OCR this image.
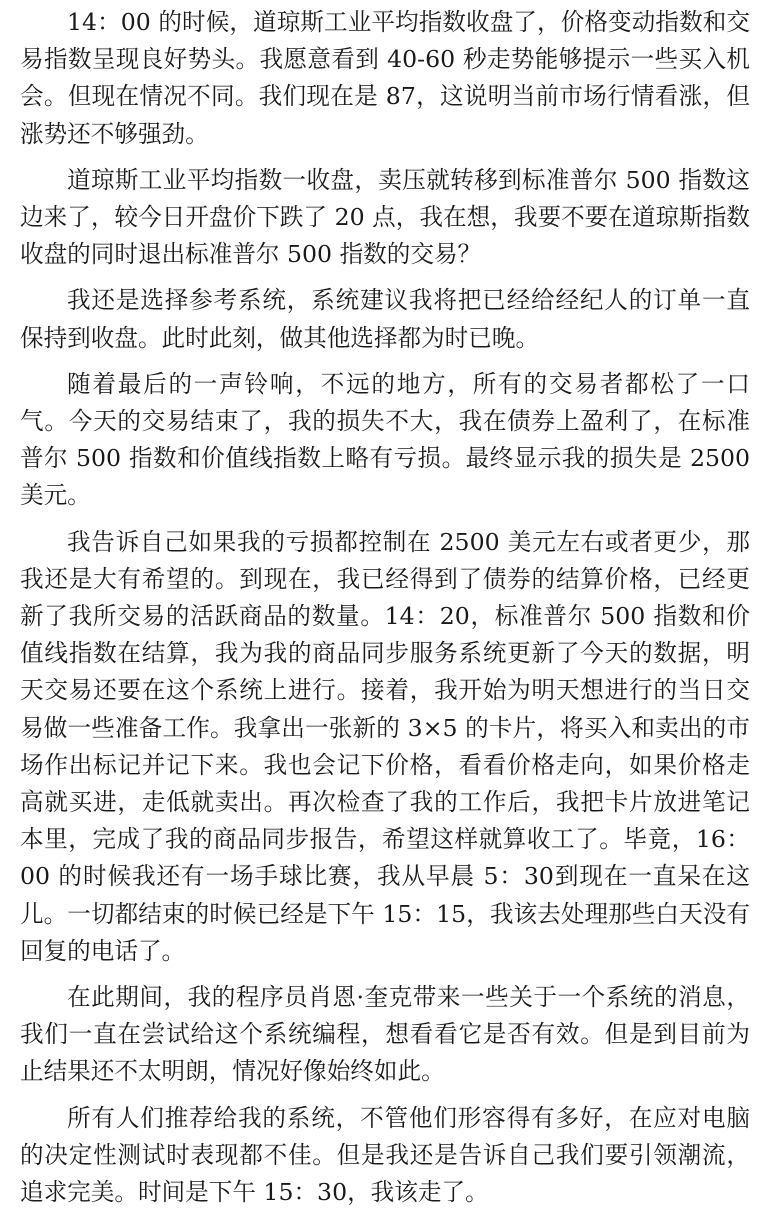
14：00 的时候，道琼斯工业平均指数收盘了，价格变动指数和交易指数呈现良好势头。我愿意看到 40-60 秒走势能够提示一些买入机会。但现在情况不同。我们现在是 87，这说明当前市场行情看涨，但涨势还不够强劲。

道琼斯工业平均指数一收盘，卖压就转移到标准普尔 500 指数这边来了，较今日开盘价下跌了 20 点，我在想，我要不要在道琼斯指数收盘的同时退出标准普尔 500 指数的交易？

我还是选择参考系统，系统建议我将把已经给经纪人的订单一直保持到收盘。此时此刻，做其他选择都为时已晚。

随着最后的一声铃响，不远的地方，所有的交易者都松了一口气。今天的交易结束了，我的损失不大，我在债券上盈利了，在标准普尔 500 指数和价值线指数上略有亏损。最终显示我的损失是 2500 美元。

我告诉自己如果我的亏损都控制在 2500 美元左右或者更少，那我还是大有希望的。到现在，我已经得到了债券的结算价格，已经更新了我所交易的活跃商品的数量。14：20，标准普尔 500 指数和价值线指数在结算，我为我的商品同步服务系统更新了今天的数据，明天交易还要在这个系统上进行。接着，我开始为明天想进行的当日交易做一些准备工作。我拿出一张新的 3×5 的卡片，将买入和卖出的市场作出标记并记下来。我也会记下价格，看看价格走向，如果价格走高就买进，走低就卖出。再次检查了我的工作后，我把卡片放进笔记本里，完成了我的商品同步报告，希望这样就算收工了。毕竟，16：00 的时候我还有一场手球比赛，我从早晨 5：30到现在一直呆在这儿。一切都结束的时候已经是下午 15：15，我该去处理那些白天没有回复的电话了。

在此期间，我的程序员肖恩·奎克带来一些关于一个系统的消息，我们一直在尝试给这个系统编程，想看看它是否有效。但是到目前为止结果还不太明朗，情况好像始终如此。

所有人们推荐给我的系统，不管他们形容得有多好，在应对电脑的决定性测试时表现都不佳。但是我还是告诉自己我们要引领潮流，追求完美。时间是下午 15：30，我该走了。
